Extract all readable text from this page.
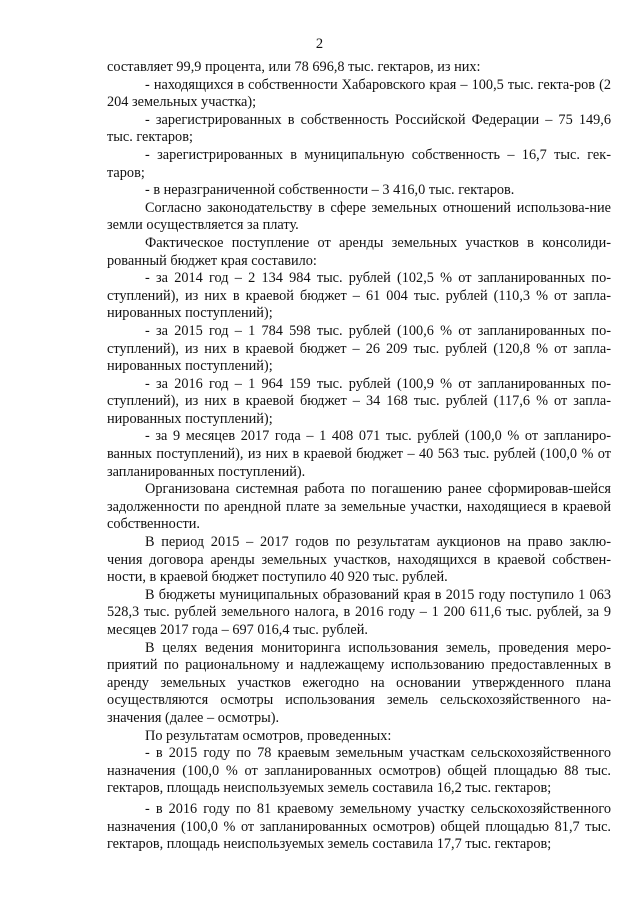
2

составляет 99,9 процента, или 78 696,8 тыс. гектаров, из них:

- находящихся в собственности Хабаровского края – 100,5 тыс. гекта-ров (2 204 земельных участка);

- зарегистрированных в собственность Российской Федерации – 75 149,6 тыс. гектаров;

- зарегистрированных в муниципальную собственность – 16,7 тыс. гек-таров;

- в неразграниченной собственности – 3 416,0 тыс. гектаров.

Согласно законодательству в сфере земельных отношений использова-ние земли осуществляется за плату.

Фактическое поступление от аренды земельных участков в консолиди-рованный бюджет края составило:

- за 2014 год – 2 134 984 тыс. рублей (102,5 % от запланированных по-ступлений), из них в краевой бюджет – 61 004 тыс. рублей (110,3 % от запла-нированных поступлений);

- за 2015 год – 1 784 598 тыс. рублей (100,6 % от запланированных по-ступлений), из них в краевой бюджет – 26 209 тыс. рублей (120,8 % от запла-нированных поступлений);

- за 2016 год – 1 964 159 тыс. рублей (100,9 % от запланированных по-ступлений), из них в краевой бюджет – 34 168 тыс. рублей (117,6 % от запла-нированных поступлений);

- за 9 месяцев 2017 года – 1 408 071 тыс. рублей (100,0 % от запланиро-ванных поступлений), из них в краевой бюджет – 40 563 тыс. рублей (100,0 % от запланированных поступлений).

Организована системная работа по погашению ранее сформировав-шейся задолженности по арендной плате за земельные участки, находящиеся в краевой собственности.

В период 2015 – 2017 годов по результатам аукционов на право заклю-чения договора аренды земельных участков, находящихся в краевой собствен-ности, в краевой бюджет поступило 40 920 тыс. рублей.

В бюджеты муниципальных образований края в 2015 году поступило 1 063 528,3 тыс. рублей земельного налога, в 2016 году – 1 200 611,6 тыс. рублей, за 9 месяцев 2017 года – 697 016,4 тыс. рублей.

В целях ведения мониторинга использования земель, проведения меро-приятий по рациональному и надлежащему использованию предоставленных в аренду земельных участков ежегодно на основании утвержденного плана осуществляются осмотры использования земель сельскохозяйственного на-значения (далее – осмотры).

По результатам осмотров, проведенных:

- в 2015 году по 78 краевым земельным участкам сельскохозяйственного назначения (100,0 % от запланированных осмотров) общей площадью 88 тыс. гектаров, площадь неиспользуемых земель составила 16,2 тыс. гектаров;

- в 2016 году по 81 краевому земельному участку сельскохозяйственного назначения (100,0 % от запланированных осмотров) общей площадью 81,7 тыс. гектаров, площадь неиспользуемых земель составила 17,7 тыс. гектаров;
